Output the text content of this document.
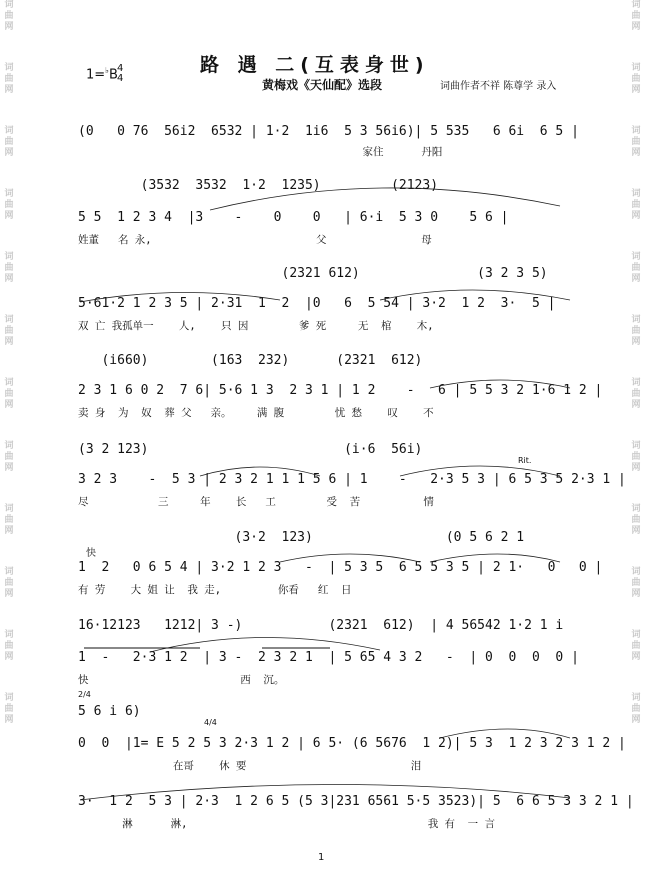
词
曲
网
词
曲
网
词
曲
网
词
曲
网
词
曲
网
词
曲
网
词
曲
网
词
曲
网
词
曲
网
词
曲
网
词
曲
网
词
曲
网
词
曲
网
词
曲
网
词
曲
网
词
曲
网
词
曲
网
词
曲
网
词
曲
网
词
曲
网
词
曲
网
词
曲
网
词
曲
网
词
曲
网
1=♭B 4
4
路 遇 二(互表身世)
黄梅戏《天仙配》选段	词曲作者不祥 陈尊学 录入
(0   0 76  56i2  6532 | 1·2  1i6  5 3 56i6)| 5 535   6 6i  6 5 |
家住      丹阳
(3532  3532  1·2  1235)         (2123)
5 5  1 2 3 4  |3    -    0    0   | 6·i  5 3 0    5 6 |
姓董   名 永,                          父               母
(2321 612)               (3 2 3 5)
5·61·2 1 2 3 5 | 2·31  1  2  |0   6  5 54 | 3·2  1 2  3·  5 |
双 亡 我孤单一    人,    只 因        爹 死     无  棺    木,
(i660)        (163  232)      (2321  612)
2 3 1 6 0 2  7 6| 5·6 1 3  2 3 1 | 1 2    -   6 | 5 5 3 2 1·6 1 2 |
卖 身  为  奴  葬 父   亲。    满 腹        忧 愁    叹    不
(3 2 123)                         (i·6  56i)
3 2 3    -  5 3 | 2 3 2 1 1 1 5 6 | 1    -   2·3 5 3 | 6 5 3 5 2·3 1 |
尽           三     年    长   工        受  苦          情
Rit.
快
(3·2  123)                 (0 5 6 2 1
1  2   0 6 5 4 | 3·2 1 2 3   -  | 5 3 5  6 5 5 3 5 | 2 1·   0   0 |
有 劳    大 姐 让  我 走,         你看   红  日
16·12123   1212| 3 -)           (2321  612)  | 4 56542 1·2 1 i
1  -   2·3 1 2  | 3 -  2 3 2 1  | 5 65 4 3 2   -  | 0  0  0  0 |
快                        西  沉。
2/4
4/4
5 6 i 6)
0  0  |1= E 5 2 5 3 2·3 1 2 | 6 5· (6 5676  1 2)| 5 3  1 2 3 2 3 1 2 |
在哥    休 要                          泪
3·  1 2  5 3 | 2·3  1 2 6 5 (5 3|231 6561 5·5 3523)| 5  6 6 5 3 3 2 1 |
淋      淋,                                      我 有  一 言
1
